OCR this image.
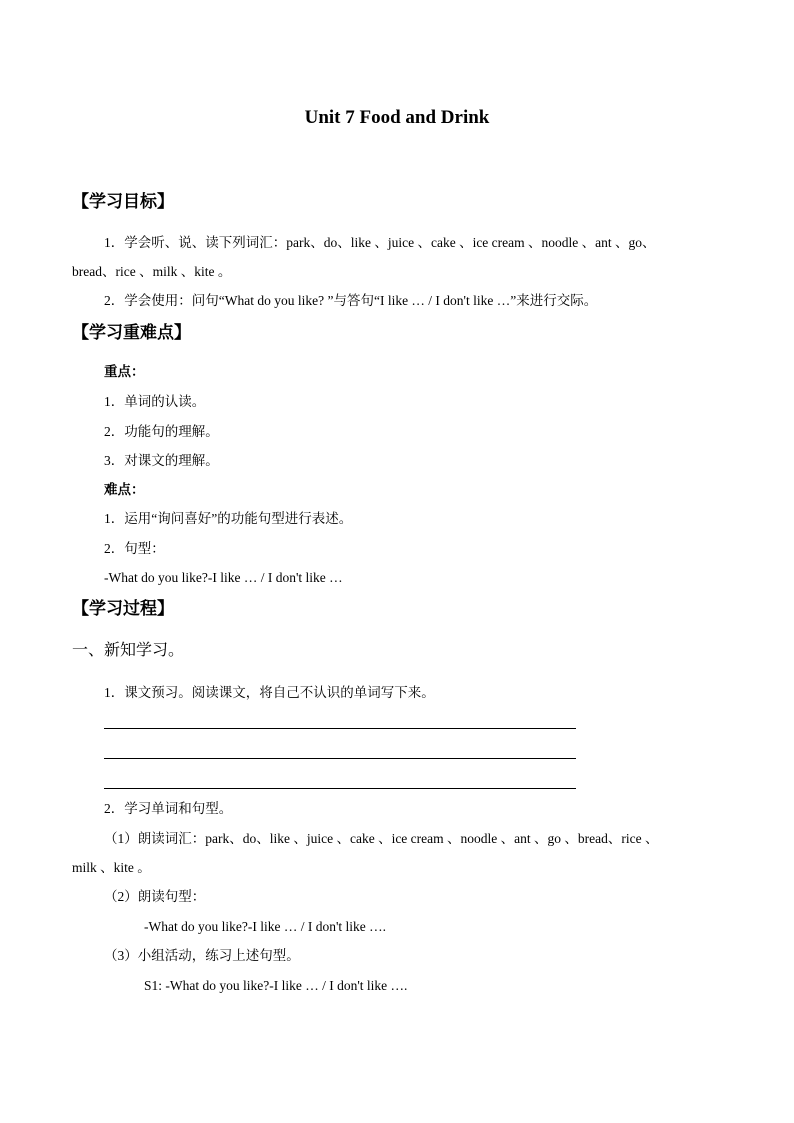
Unit 7 Food and Drink
【学习目标】
1．学会听、说、读下列词汇：park、do、like 、juice 、cake 、ice cream 、noodle 、ant 、go、
bread、rice 、milk 、kite 。
2．学会使用：问句“What do you like? ”与答句“I like … / I don't like …”来进行交际。
【学习重难点】
重点：
1．单词的认读。
2．功能句的理解。
3．对课文的理解。
难点：
1．运用“询问喜好”的功能句型进行表述。
2．句型：
-What do you like?-I like … / I don't like …
【学习过程】
一、新知学习。
1．课文预习。阅读课文，将自己不认识的单词写下来。
2．学习单词和句型。
（1）朗读词汇：park、do、like 、juice 、cake 、ice cream 、noodle 、ant 、go 、bread、rice 、
milk 、kite 。
（2）朗读句型：
-What do you like?-I like … / I don't like ….
（3）小组活动，练习上述句型。
S1: -What do you like?-I like … / I don't like ….
